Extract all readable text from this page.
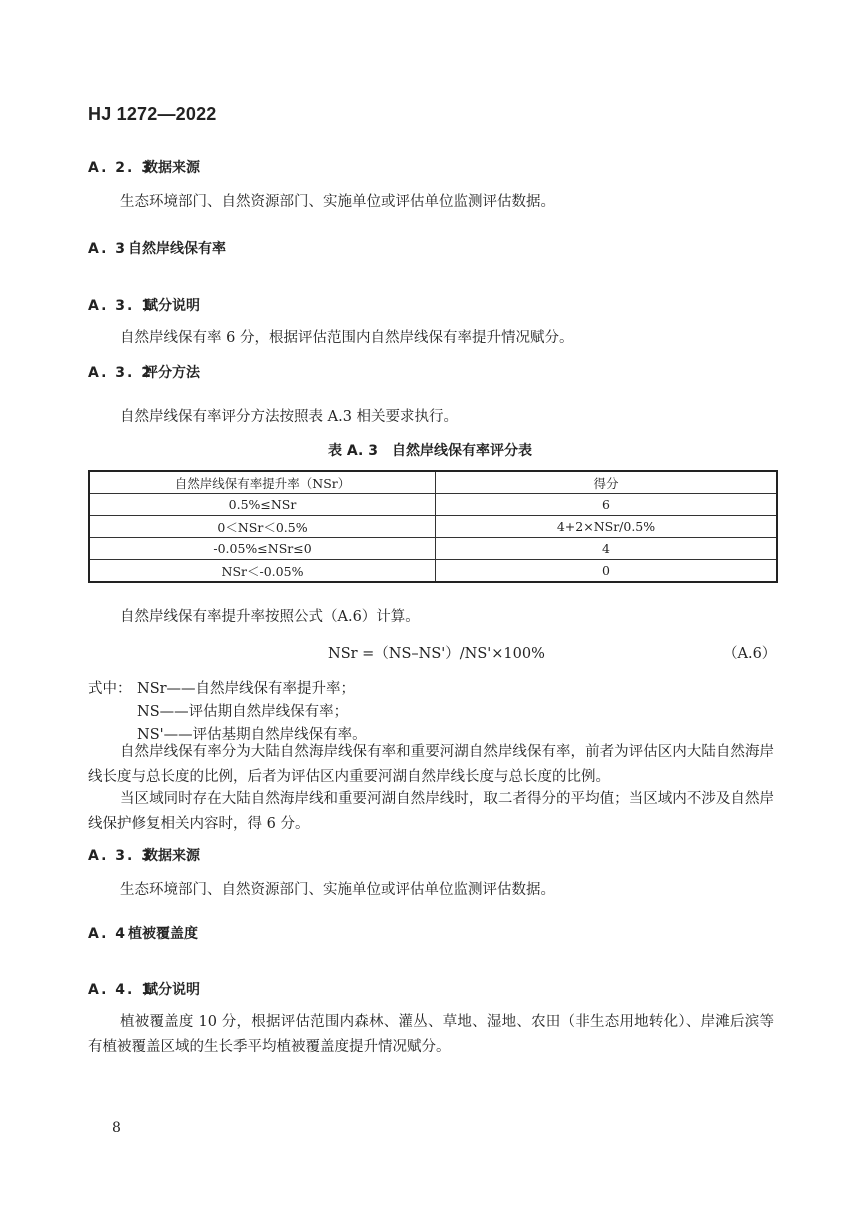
HJ 1272—2022
A. 2. 3数据来源
生态环境部门、自然资源部门、实施单位或评估单位监测评估数据。
A. 3自然岸线保有率
A. 3. 1赋分说明
自然岸线保有率 6 分，根据评估范围内自然岸线保有率提升情况赋分。
A. 3. 2评分方法
自然岸线保有率评分方法按照表 A.3 相关要求执行。
表 A. 3　自然岸线保有率评分表
自然岸线保有率提升率（NSr）	得分
0.5%≤NSr	6
0＜NSr＜0.5%	4+2×NSr/0.5%
-0.05%≤NSr≤0	4
NSr＜-0.05%	0
自然岸线保有率提升率按照公式（A.6）计算。
NSr =（NS–NS'）/NS'×100%	（A.6）
式中： NSr——自然岸线保有率提升率；
NS——评估期自然岸线保有率；
NS'——评估基期自然岸线保有率。
自然岸线保有率分为大陆自然海岸线保有率和重要河湖自然岸线保有率，前者为评估区内大陆自然海岸线长度与总长度的比例，后者为评估区内重要河湖自然岸线长度与总长度的比例。
当区域同时存在大陆自然海岸线和重要河湖自然岸线时，取二者得分的平均值；当区域内不涉及自然岸线保护修复相关内容时，得 6 分。
A. 3. 3数据来源
生态环境部门、自然资源部门、实施单位或评估单位监测评估数据。
A. 4植被覆盖度
A. 4. 1赋分说明
植被覆盖度 10 分，根据评估范围内森林、灌丛、草地、湿地、农田（非生态用地转化）、岸滩后滨等有植被覆盖区域的生长季平均植被覆盖度提升情况赋分。
8
